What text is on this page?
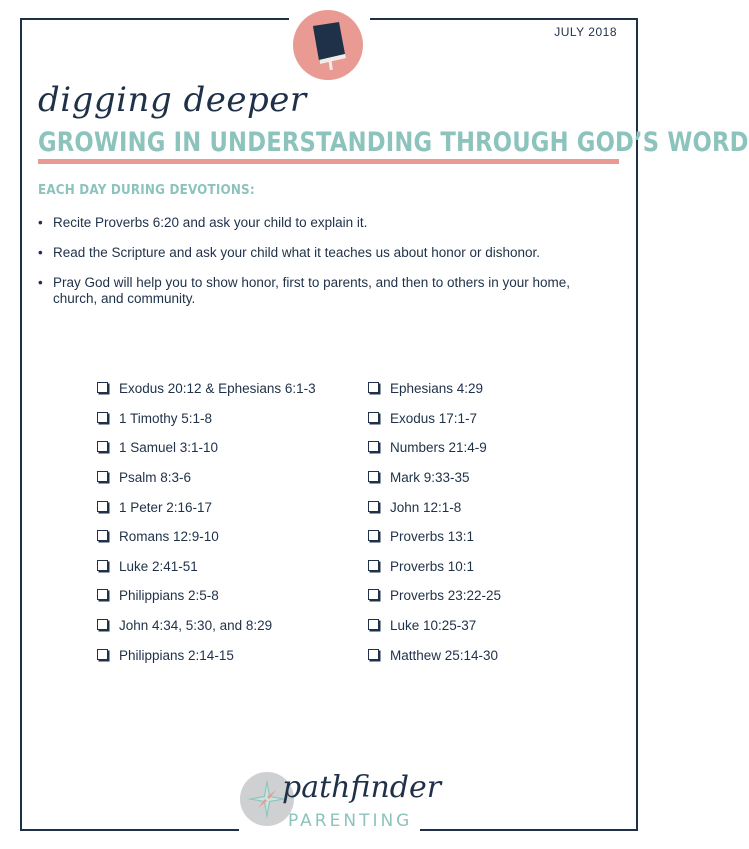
JULY 2018
digging deeper
GROWING IN UNDERSTANDING THROUGH GOD’S WORD
EACH DAY DURING DEVOTIONS:
• Recite Proverbs 6:20 and ask your child to explain it.
• Read the Scripture and ask your child what it teaches us about honor or dishonor.
• Pray God will help you to show honor, first to parents, and then to others in your home, church, and community.
Exodus 20:12 & Ephesians 6:1-3
1 Timothy 5:1-8
1 Samuel 3:1-10
Psalm 8:3-6
1 Peter 2:16-17
Romans 12:9-10
Luke 2:41-51
Philippians 2:5-8
John 4:34, 5:30, and 8:29
Philippians 2:14-15
Ephesians 4:29
Exodus 17:1-7
Numbers 21:4-9
Mark 9:33-35
John 12:1-8
Proverbs 13:1
Proverbs 10:1
Proverbs 23:22-25
Luke 10:25-37
Matthew 25:14-30
pathfinder
PARENTING
